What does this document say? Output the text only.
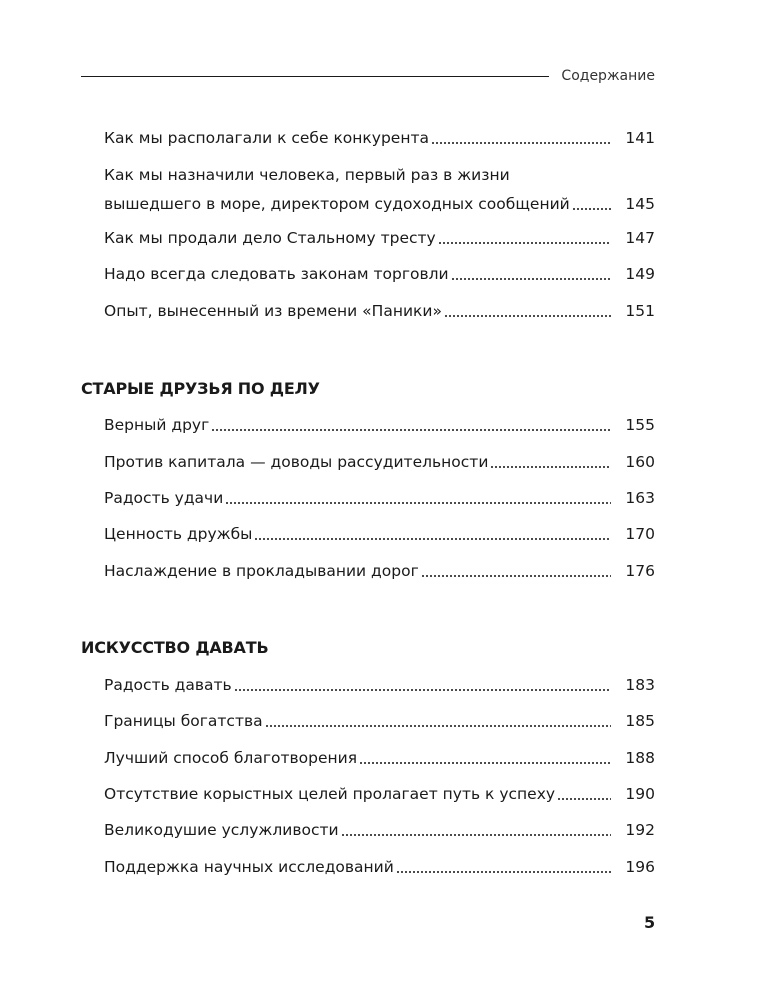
Содержание
Как мы располагали к себе конкурента	141
Как мы назначили человека, первый раз в жизни
вышедшего в море, директором судоходных сообщений	145
Как мы продали дело Стальному тресту	147
Надо всегда следовать законам торговли	149
Опыт, вынесенный из времени «Паники»	151
СТАРЫЕ ДРУЗЬЯ ПО ДЕЛУ
Верный друг	155
Против капитала — доводы рассудительности	160
Радость удачи	163
Ценность дружбы	170
Наслаждение в прокладывании дорог	176
ИСКУССТВО ДАВАТЬ
Радость давать	183
Границы богатства	185
Лучший способ благотворения	188
Отсутствие корыстных целей пролагает путь к успеху	190
Великодушие услужливости	192
Поддержка научных исследований	196
5
